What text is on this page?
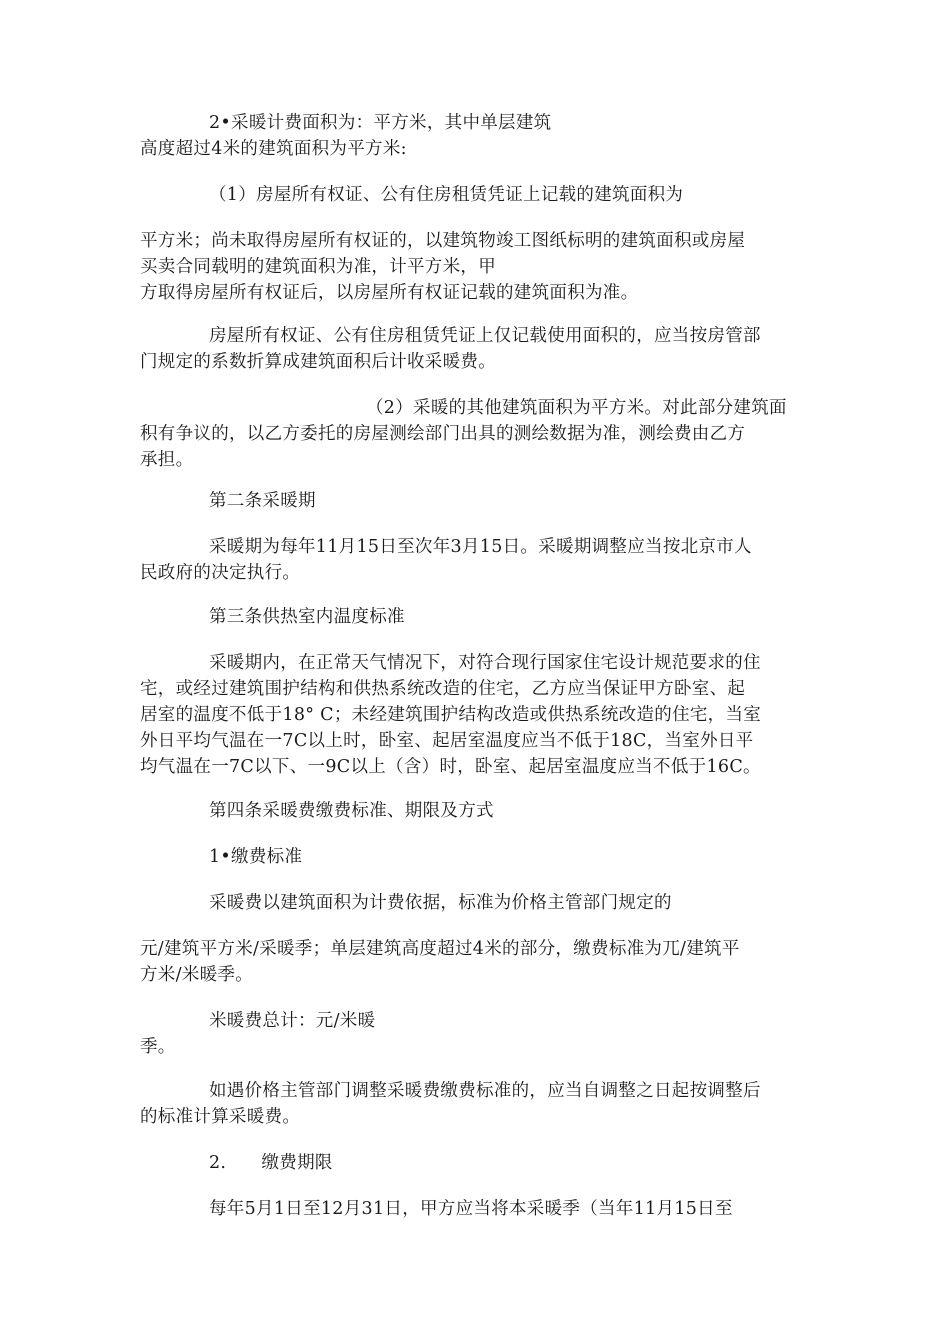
2•采暖计费面积为：平方米，其中单层建筑
高度超过4米的建筑面积为平方米:
（1）房屋所有权证、公有住房租赁凭证上记载的建筑面积为
平方米；尚未取得房屋所有权证的，以建筑物竣工图纸标明的建筑面积或房屋
买卖合同载明的建筑面积为准，计平方米，甲
方取得房屋所有权证后，以房屋所有权证记载的建筑面积为准。
房屋所有权证、公有住房租赁凭证上仅记载使用面积的，应当按房管部
门规定的系数折算成建筑面积后计收采暖费。
（2）采暖的其他建筑面积为平方米。对此部分建筑面
积有争议的，以乙方委托的房屋测绘部门出具的测绘数据为准，测绘费由乙方
承担。
第二条采暖期
采暖期为每年11月15日至次年3月15日。采暖期调整应当按北京市人
民政府的决定执行。
第三条供热室内温度标准
采暖期内，在正常天气情况下，对符合现行国家住宅设计规范要求的住
宅，或经过建筑围护结构和供热系统改造的住宅，乙方应当保证甲方卧室、起
居室的温度不低于18° C；未经建筑围护结构改造或供热系统改造的住宅，当室
外日平均气温在一7C以上时，卧室、起居室温度应当不低于18C，当室外日平
均气温在一7C以下、一9C以上（含）时，卧室、起居室温度应当不低于16C。
第四条采暖费缴费标准、期限及方式
1•缴费标准
采暖费以建筑面积为计费依据，标准为价格主管部门规定的
元/建筑平方米/采暖季；单层建筑高度超过4米的部分，缴费标准为兀/建筑平
方米/米暖季。
米暖费总计：元/米暖
季。
如遇价格主管部门调整采暖费缴费标准的，应当自调整之日起按调整后
的标准计算采暖费。
2.      缴费期限
每年5月1日至12月31日，甲方应当将本采暖季（当年11月15日至
